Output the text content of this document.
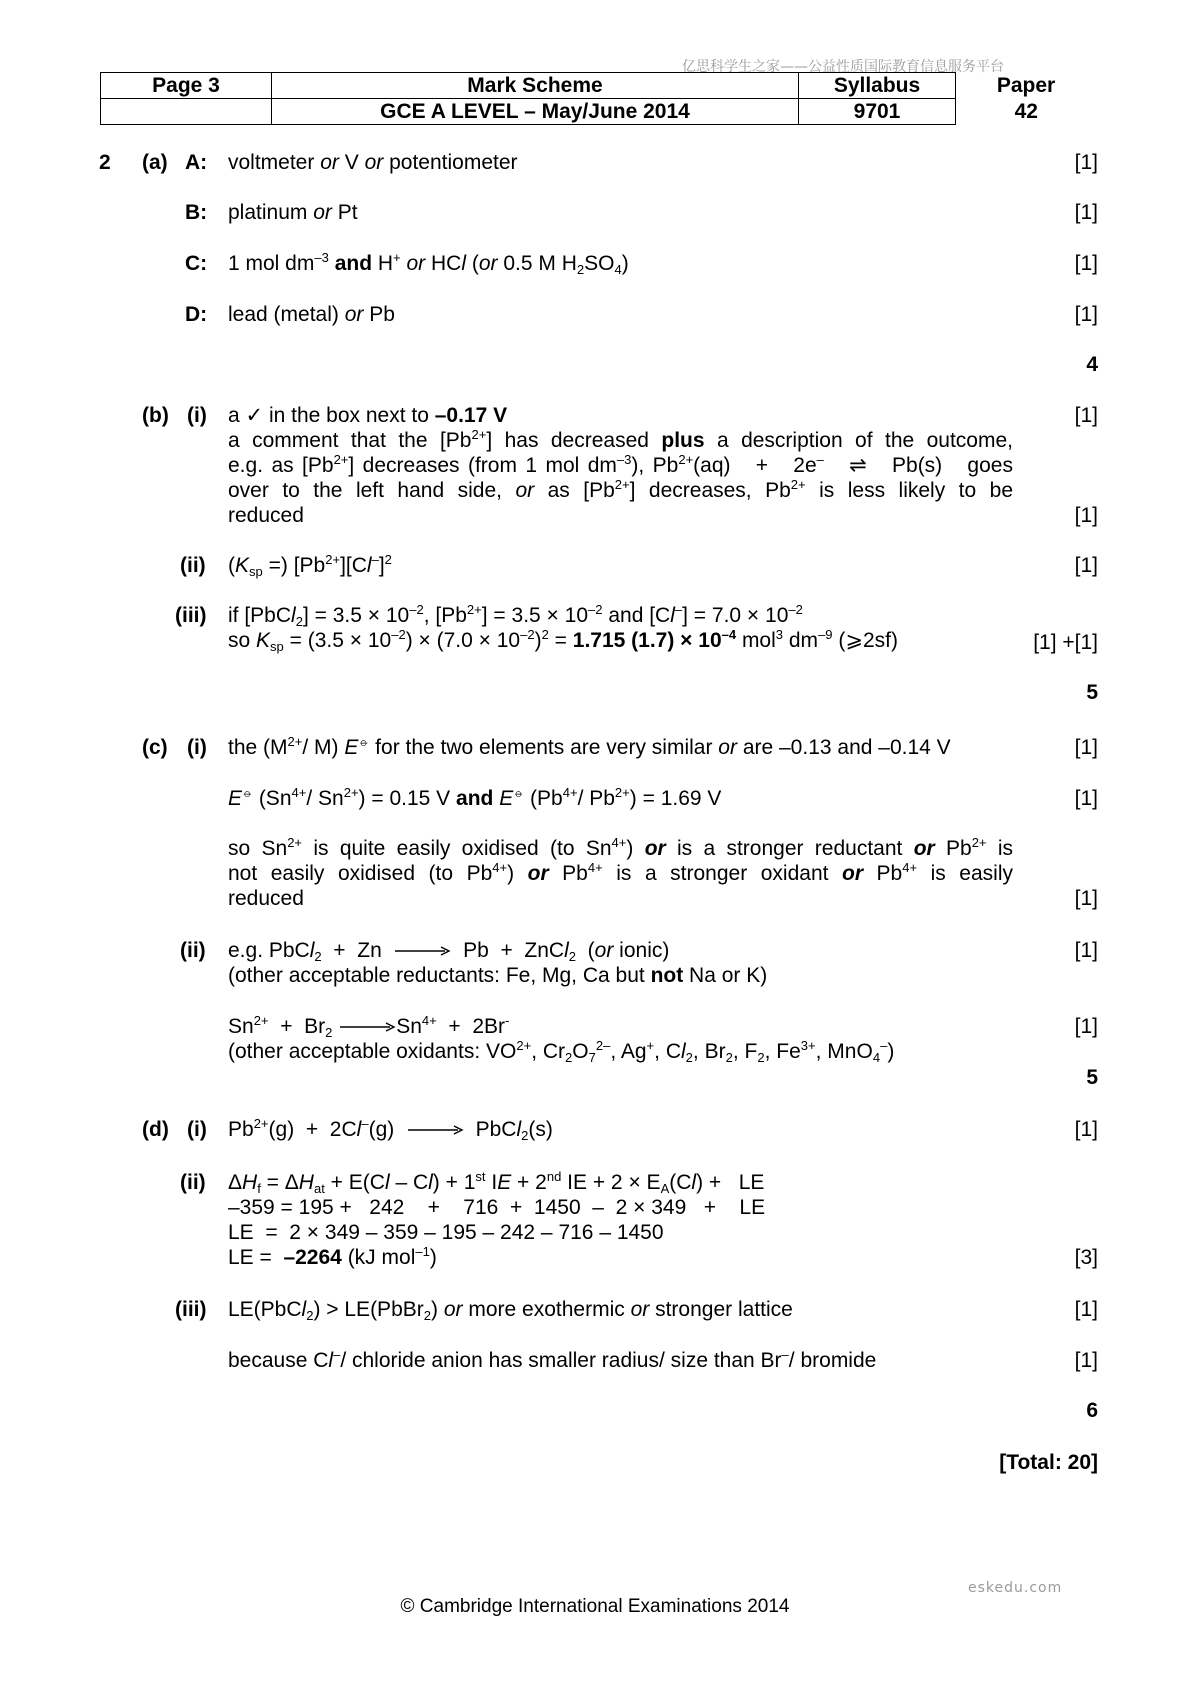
亿思科学生之家——公益性质国际教育信息服务平台
eskedu.com
Page 3	Mark Scheme	Syllabus	Paper
	GCE A LEVEL – May/June 2014	9701	42
2 (a) A: voltmeter or V or potentiometer	[1]
B: platinum or Pt	[1]
C: 1 mol $dm^{-3}$ and H+ or HCl (or 0.5 M $H_2SO_4$)	[1]
D: lead (metal) or Pb	[1]
4
(b) (i) a ✓ in the box next to –0.17 V	[1]
a comment that the $[Pb^{2+}]$ has decreased plus a description of the outcome,
e.g. as $[Pb^{2+}]$ decreases (from 1 mol $dm^{-3}$), $Pb^{2+}(aq) + 2e^-$   ⇌   Pb(s)   goes
over to the left hand side, or as $[Pb^{2+}]$ decreases, $Pb^{2+}$ is less likely to be
reduced	[1]
(ii) ($K_{sp}$ =) $[Pb^{2+}][Cl^-]^2$	[1]
(iii) if [PbCl$_2$] = $3.5 \times 10^{-2}$, $[Pb^{2+}] = 3.5 \times 10^{-2}$ and $[Cl^-] = 7.0 \times 10^{-2}$
so $K_{sp} = (3.5 \times 10^{-2}) \times (7.0 \times 10^{-2})^2 = 1.715$ $(1.7) \times 10^{-4}$ mol$^3$ $dm^{-9}$ (⩾2sf)	[1] +[1]
5
(c) (i) the ($M^{2+}/$ M) E⦵ for the two elements are very similar or are –0.13 and –0.14 V	[1]
E⦵ ($Sn^{4+}/$ $Sn^{2+}) = 0.15$ V and E⦵ ($Pb^{4+}/$ $Pb^{2+}) = 1.69$ V	[1]
so $Sn^{2+}$ is quite easily oxidised (to $Sn^{4+}$) or is a stronger reductant or $Pb^{2+}$ is
not easily oxidised (to $Pb^{4+}$) or $Pb^{4+}$ is a stronger oxidant or $Pb^{4+}$ is easily
reduced	[1]
(ii) e.g. PbCl$_2$  +  Zn → Pb  +  ZnCl$_2$  (or ionic)	[1]
(other acceptable reductants: Fe, Mg, Ca but not Na or K)
$Sn^{2+} + Br_2 \to Sn^{4+} + 2Br^-$	[1]
(other acceptable oxidants: $VO^{2+}$, $Cr_2O_7^{2-}$, Ag+, $Cl_2$, $Br_2$, $F_2$, $Fe^{3+}$, MnO$_4$–)
5
(d) (i) $Pb^{2+}(g) + 2Cl^-(g)$ → PbCl$_2$(s)	[1]
(ii) $\Delta H_f = \Delta H_{at} + E(Cl - Cl) + 1st$ IE + 2nd IE + $2 \times E_A(Cl)$ +   LE
–359 = 195 +   242    +    716  +  1450  –  2 × 349   +    LE
LE  =  2 × 349 – 359 – 195 – 242 – 716 – 1450
LE =  –2264 (kJ mol$^{-1}$)	[3]
(iii) LE(PbCl$_2$) > LE(PbBr$_2$) or more exothermic or stronger lattice	[1]
because Cl–/ chloride anion has smaller radius/ size than Br–/ bromide	[1]
6
[Total: 20]
© Cambridge International Examinations 2014
